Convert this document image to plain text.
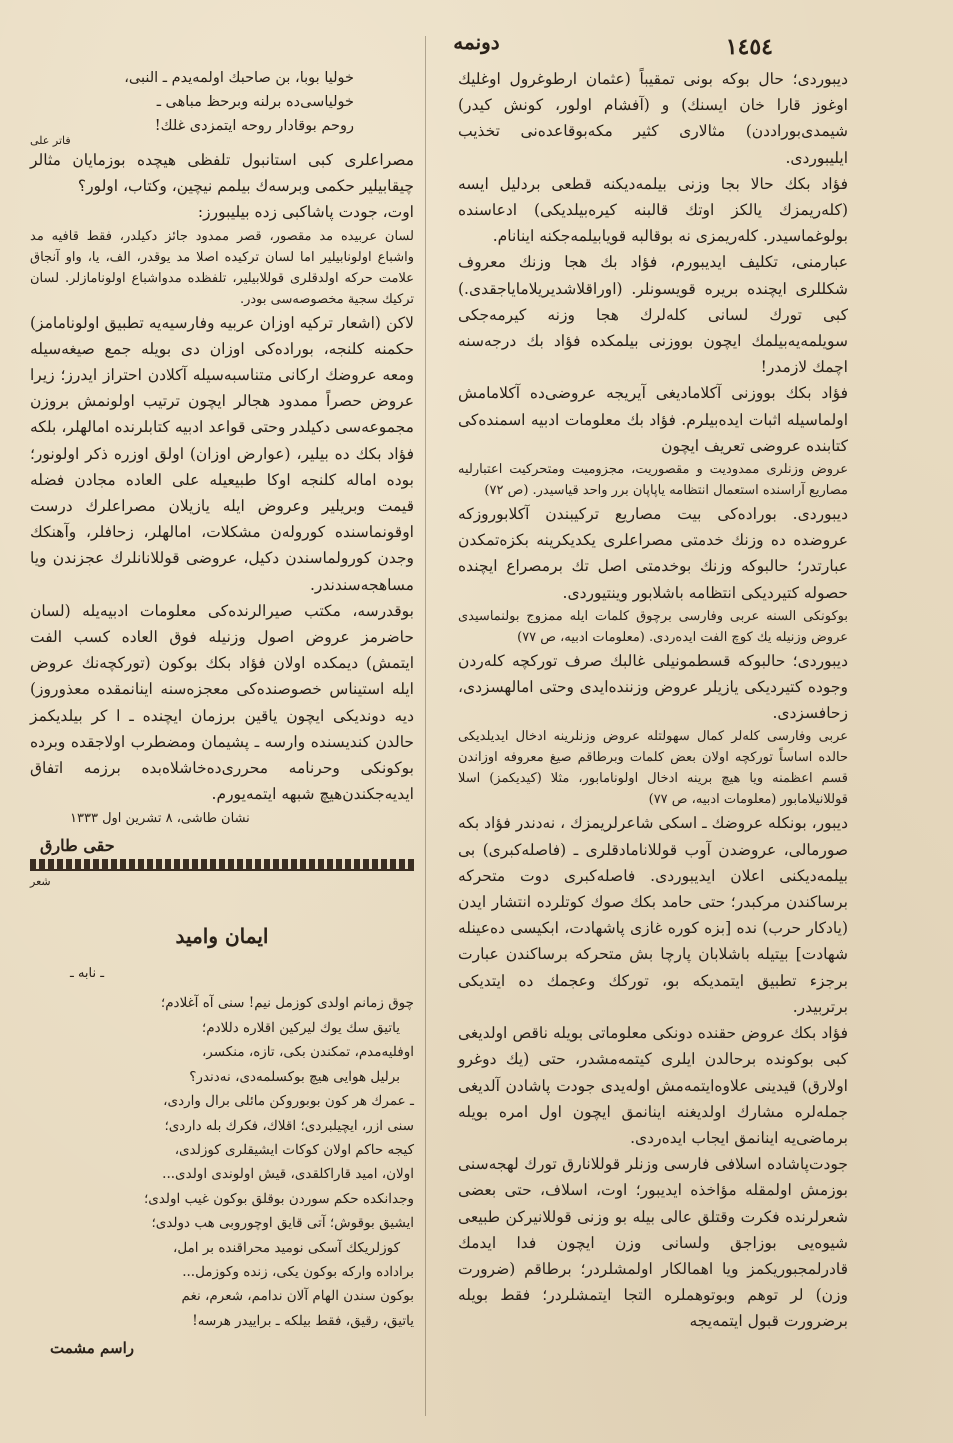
١٤٥٤
دونمه

دیبوردی؛ حال بوکه بونی تمقیباً (عثمان ارطوغرول اوغلیك اوغوز قارا خان ایسنك) و (آفشام اولور، کونش کیدر) شیمدی‌بوراددن) مثالاری کثیر مکه‌بوقاعده‌نی تخذیب ایلیبوردی.

فؤاد بکك حالا بجا وزنی بیلمه‌دیکنه قطعی بردلیل ایسه (کله‌ریمزك یالکز اوتك قالبنه کیره‌بیلدیکی) ادعاسنده بولوغماسیدر. کله‌ریمزی نه بوقالبه قویابیلمه‌جکنه اینانام.

عبارمنی، تکلیف ایدیبورم، فؤاد بك هجا وزنك معروف شکللری ایچنده بریره قویسونلر. (اوراقلاشدیریلامایاجقدی.) کبی تورك لسانی کله‌لرك هجا وزنه کیرمه‌جکی سویلمه‌یه‌بیلمك ایچون بووزنی بیلمکده فؤاد بك درجه‌سنه اچمك لازمدر!

فؤاد بکك بووزنی آکلامادیغی آیریجه عروضی‌ده آکلامامش اولماسیله اثبات ایده‌بیلرم. فؤاد بك معلومات ادبیه اسمنده‌کی کتابنده عروضی تعریف ایچون

عروض وزنلری ممدودیت و مقصوریت، مجزومیت ومتحرکیت اعتبارلیه مصاریع آراسنده استعمال انتظامه یاپاپان برر واحد قیاسیدر. (ص ٧٢)

دیبوردی. بوراده‌کی بیت مصاریع ترکیبندن آکلابوروزکه عروضده ده وزنك خدمتی مصراعلری یکدیکرینه بکزه‌تمکدن عبارتدر؛ حالبوکه وزنك بوخدمتی اصل تك برمصراع ایچنده حصوله کتیردیکی انتظامه باشلابور وینتیوردی.

بوکونکی السنه عربی وفارسی برچوق کلمات ایله ممزوج بولنماسیدی عروض وزنیله یك کوچ الفت ایده‌ردی. (معلومات ادبیه، ص ٧٧)

دیبوردی؛ حالبوکه قسطمونیلی غالبك صرف تورکچه کله‌ردن وجوده کتیردیکی یازیلر عروض وزننده‌ایدی وحتی امالهسزدی، زحافسزدی.

عربی وفارسی کله‌لر کمال سهولتله عروض وزنلرینه ادخال ایدیلدیکی حالده اساساً تورکچه اولان بعض کلمات وبرطاقم صیغ معروفه اوزاندن قسم اعظمنه ویا هیچ برینه ادخال اولونامابور، مثلا (کیدیکمز) اسلا قوللانیلامابور (معلومات ادبیه، ص ٧٧)

دیبور، بونکله عروضك ـ اسکی شاعرلریمزك ، نه‌دندر فؤاد بکه صورمالی، عروضدن آوب قوللانامادقلری ـ (فاصله‌کبری) بی بیلمه‌دیکنی اعلان ایدیبوردی. فاصله‌کبری دوت متحرکه برساکندن مرکبدر؛ حتی حامد بکك صوك کوتلرده انتشار ایدن (یادکار حرب) نده [بزه کوره غازی پاشهادت، ابکیسی ده‌عینله شهادت] بیتیله باشلابان پارچا بش متحرکه برساکندن عبارت برجزء تطبیق ایتمدیکه بو، تورکك وعجمك ده ایتدیکی برتربیدر.

فؤاد بکك عروض حقنده دونکی معلوماتی بویله ناقص اولدیغی کبی بوکونده برحالدن ایلری کیتمه‌مشدر، حتی (یك دوغرو اولارق) قیدینی علاوه‌ایتمه‌مش اوله‌یدی جودت پاشادن آلدیغی جمله‌لره مشارك اولدیغنه اینانمق ایچون اول امره بویله برماضی‌یه اینانمق ایجاب ایده‌ردی.

جودت‌پاشاده اسلافی فارسی وزنلر قوللانارق تورك لهجه‌سنی بوزمش اولمقله مؤاخذه ایدیبور؛ اوت، اسلاف، حتی بعضی شعرلرنده فکرت وقتلق عالی بیله بو وزنی قوللانیرکن طبیعی شیوه‌یی بوزاجق ولسانی وزن ایچون فدا ایدمك قادرلمجبوریکمز ویا اهمالکار اولمشلردر؛ برطاقم (ضرورت وزن) لر توهم وبوتوهملره التجا ایتمشلردر؛ فقط بویله برضرورت قبول ایتمه‌یجه

خولیا بوبا، بن صاحبك اولمه‌یدم ـ النبی،

خولیاسی‌ده برلنه وبرحظ مباهی ـ

روحم بوقادار روحه ایتمزدی غلك!

فاتر علی

مصراعلری کبی استانبول تلفظی هیچده بوزمایان مثالر چیقابیلیر حکمی وبرسه‌ك بیلمم نیچین، وکتاب، اولور؟

اوت، جودت پاشاکبی زده بیلیبورز:

لسان عربیده مد مقصور، قصر ممدود جائز دکیلدر، فقط قافیه مد واشباع اولونابیلیر اما لسان ترکیده اصلا مد یوقدر، الف، یا، واو آنجاق علامت حرکه اولدقلری قوللابیلیر، تلفظده مدواشباع اولونامازلر. لسان ترکیك سجیة مخصوصه‌سی بودر.

لاکن (اشعار ترکیه اوزان عربیه وفارسیه‌یه تطبیق اولونامامز) حکمنه کلنجه، بوراده‌کی اوزان دی بویله جمع صیغه‌سیله ومعه عروضك ارکانی متناسبه‌سیله آکلادن احتراز ایدرز؛ زیرا عروض حصراً ممدود هجالر ایچون ترتیب اولونمش بروزن مجموعه‌سی دکیلدر وحتی قواعد ادبیه کتابلرنده امالهلر، بلکه فؤاد بکك ده بیلیر، (عوارض اوزان) اولق اوزره ذکر اولونور؛ بوده اماله کلنجه اوکا طبیعیله علی العاده مجادن فضله قیمت وبریلیر وعروض ایله یازیلان مصراعلرك درست اوقونماسنده کوروله‌ن مشکلات، امالهلر، زحافلر، وآهنکك وجدن کورولماسندن دکیل، عروضی قوللانانلرك عجزندن ویا مساهجه‌سندندر.

بوقدرسه، مکتب صیرالرنده‌کی معلومات ادبیه‌یله (لسان حاضرمز عروض اصول وزنیله فوق العاده کسب الفت ایتمش) دیمکده اولان فؤاد بکك بوکون (تورکچه‌نك عروض ایله استیناس خصوصنده‌کی معجزه‌سنه اینانمقده معذوروز) دیه دوندیکی ایچون یاقین برزمان ایچنده ـ ا کر بیلدیکمز حالدن کندیسنده وارسه ـ پشیمان ومضطرب اولاجقده وبرده بوکونکی وحرنامه محرری‌ده‌خاشلاه‌بده برزمه اتفاق ایدیه‌جکندن‌هیچ شبهه ایتمه‌یورم.

نشان طاشی، ٨ تشرین اول ١٣٣٣

حقی طارق

شعر

ایمان وامید

ـ نابه ـ

چوق زمانم اولدی کوزمل نیم! سنی آه آغلادم؛

یاتیق سك یوك لیرکین اقلاره دللادم؛

اوفلیه‌مدم، تمکندن بکی، تازه، منکسر،

برلیل هوایی هیچ بوکسلمه‌دی، نه‌دندر؟

ـ عمرك هر کون بوبوروکن مائلی برال واردی،

سنی ازر، ایچیلبردی؛ اقلاك، فکرك بله داردی؛

کیجه حاکم اولان کوکات ایشیقلری کوزلدی،

اولان، امید قاراکلقدی، قیش اولوندی اولدی...

وجدانکده حکم سوردن بوقلق بوکون غیب اولدی؛

ایشیق بوقوش؛ آتی قایق اوچوروبی هب دولدی؛

کوزلریکك آسکی نومید محراقنده بر امل،

براداده وارکه بوکون یکی، زنده وکوزمل...

بوکون سندن الهام آلان ندامم، شعرم، نغم

یاتیق، رقیق، فقط بیلکه ـ براییدر هرسه!

راسم مشمت
